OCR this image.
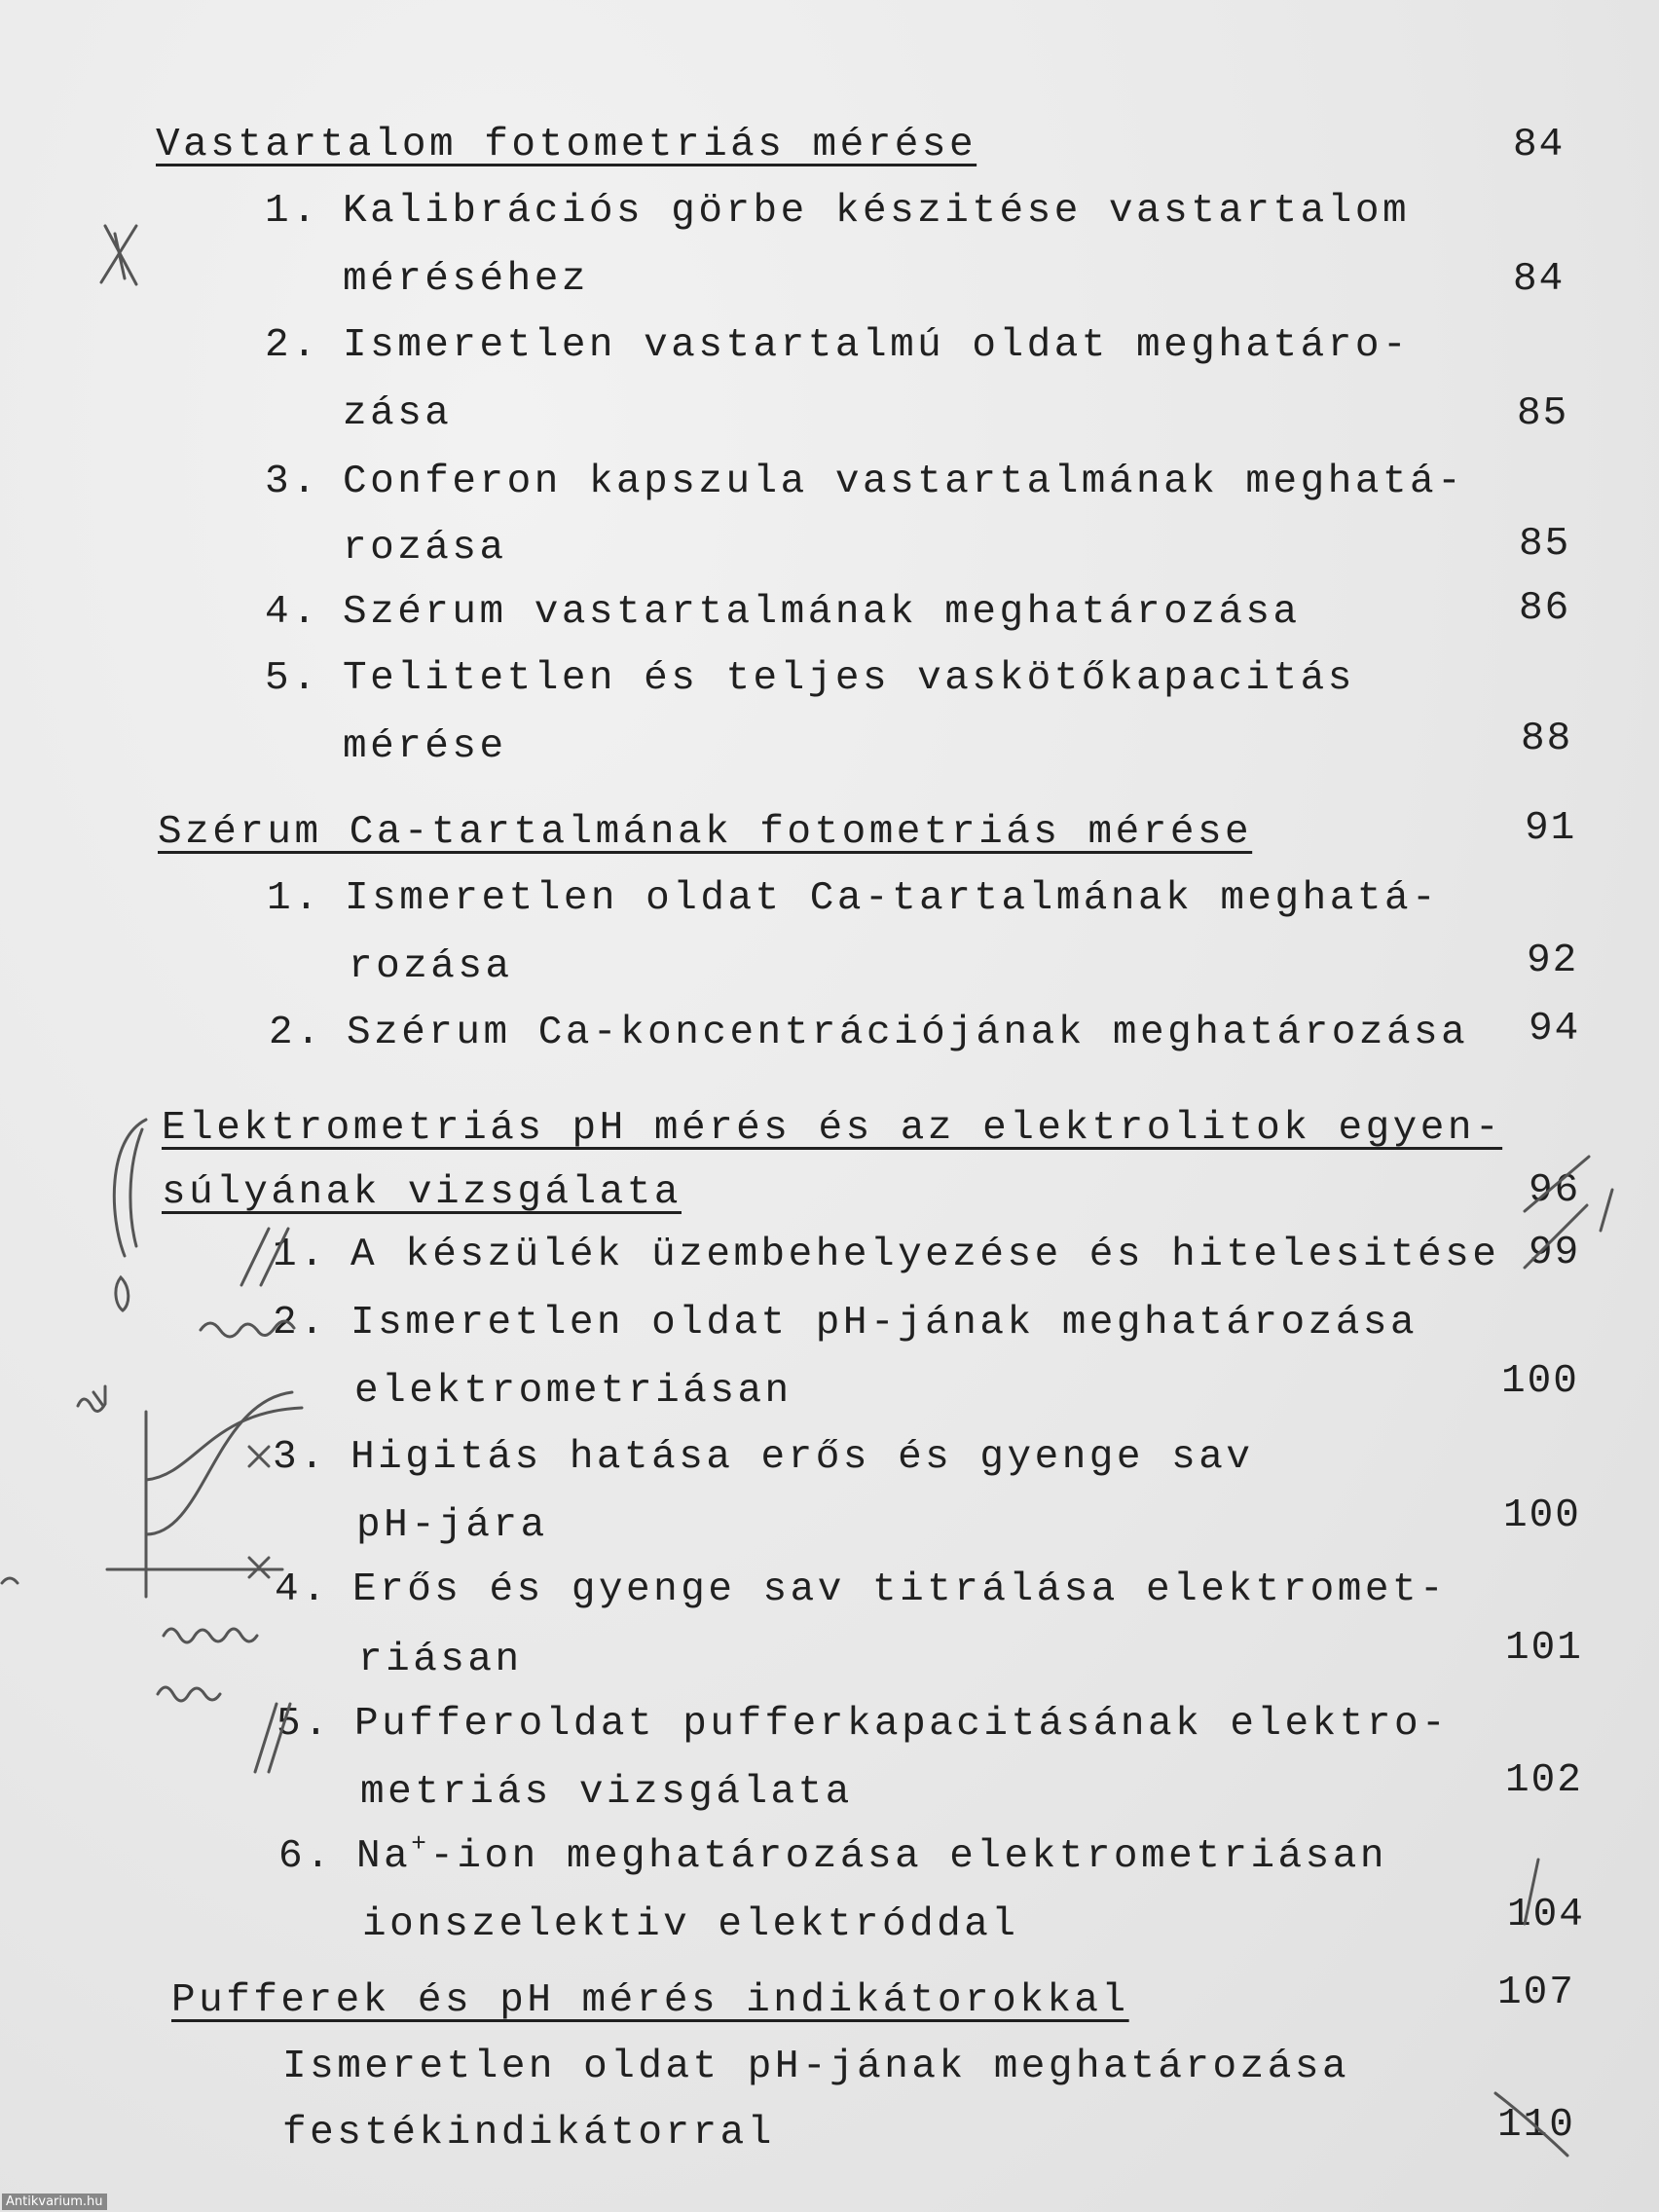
Vastartalom fotometriás mérése	84
1. Kalibrációs görbe készitése vastartalom
méréséhez	84
2. Ismeretlen vastartalmú oldat meghatáro-
zása	85
3. Conferon kapszula vastartalmának meghatá-
rozása	85
4. Szérum vastartalmának meghatározása	86
5. Telitetlen és teljes vaskötőkapacitás
mérése	88
Szérum Ca-tartalmának fotometriás mérése	91
1. Ismeretlen oldat Ca-tartalmának meghatá-
rozása	92
2. Szérum Ca-koncentrációjának meghatározása 94
Elektrometriás pH mérés és az elektrolitok egyen-
súlyának vizsgálata	96
1. A készülék üzembehelyezése és hitelesitése 99
2. Ismeretlen oldat pH-jának meghatározása
elektrometriásan	100
3. Higitás hatása erős és gyenge sav
pH-jára	100
4. Erős és gyenge sav titrálása elektromet-
riásan	101
5. Pufferoldat pufferkapacitásának elektro-
metriás vizsgálata	102
6. Na+-ion meghatározása elektrometriásan
ionszelektiv elektróddal	104
Pufferek és pH mérés indikátorokkal	107
Ismeretlen oldat pH-jának meghatározása
festékindikátorral	110
Antikvarium.hu
